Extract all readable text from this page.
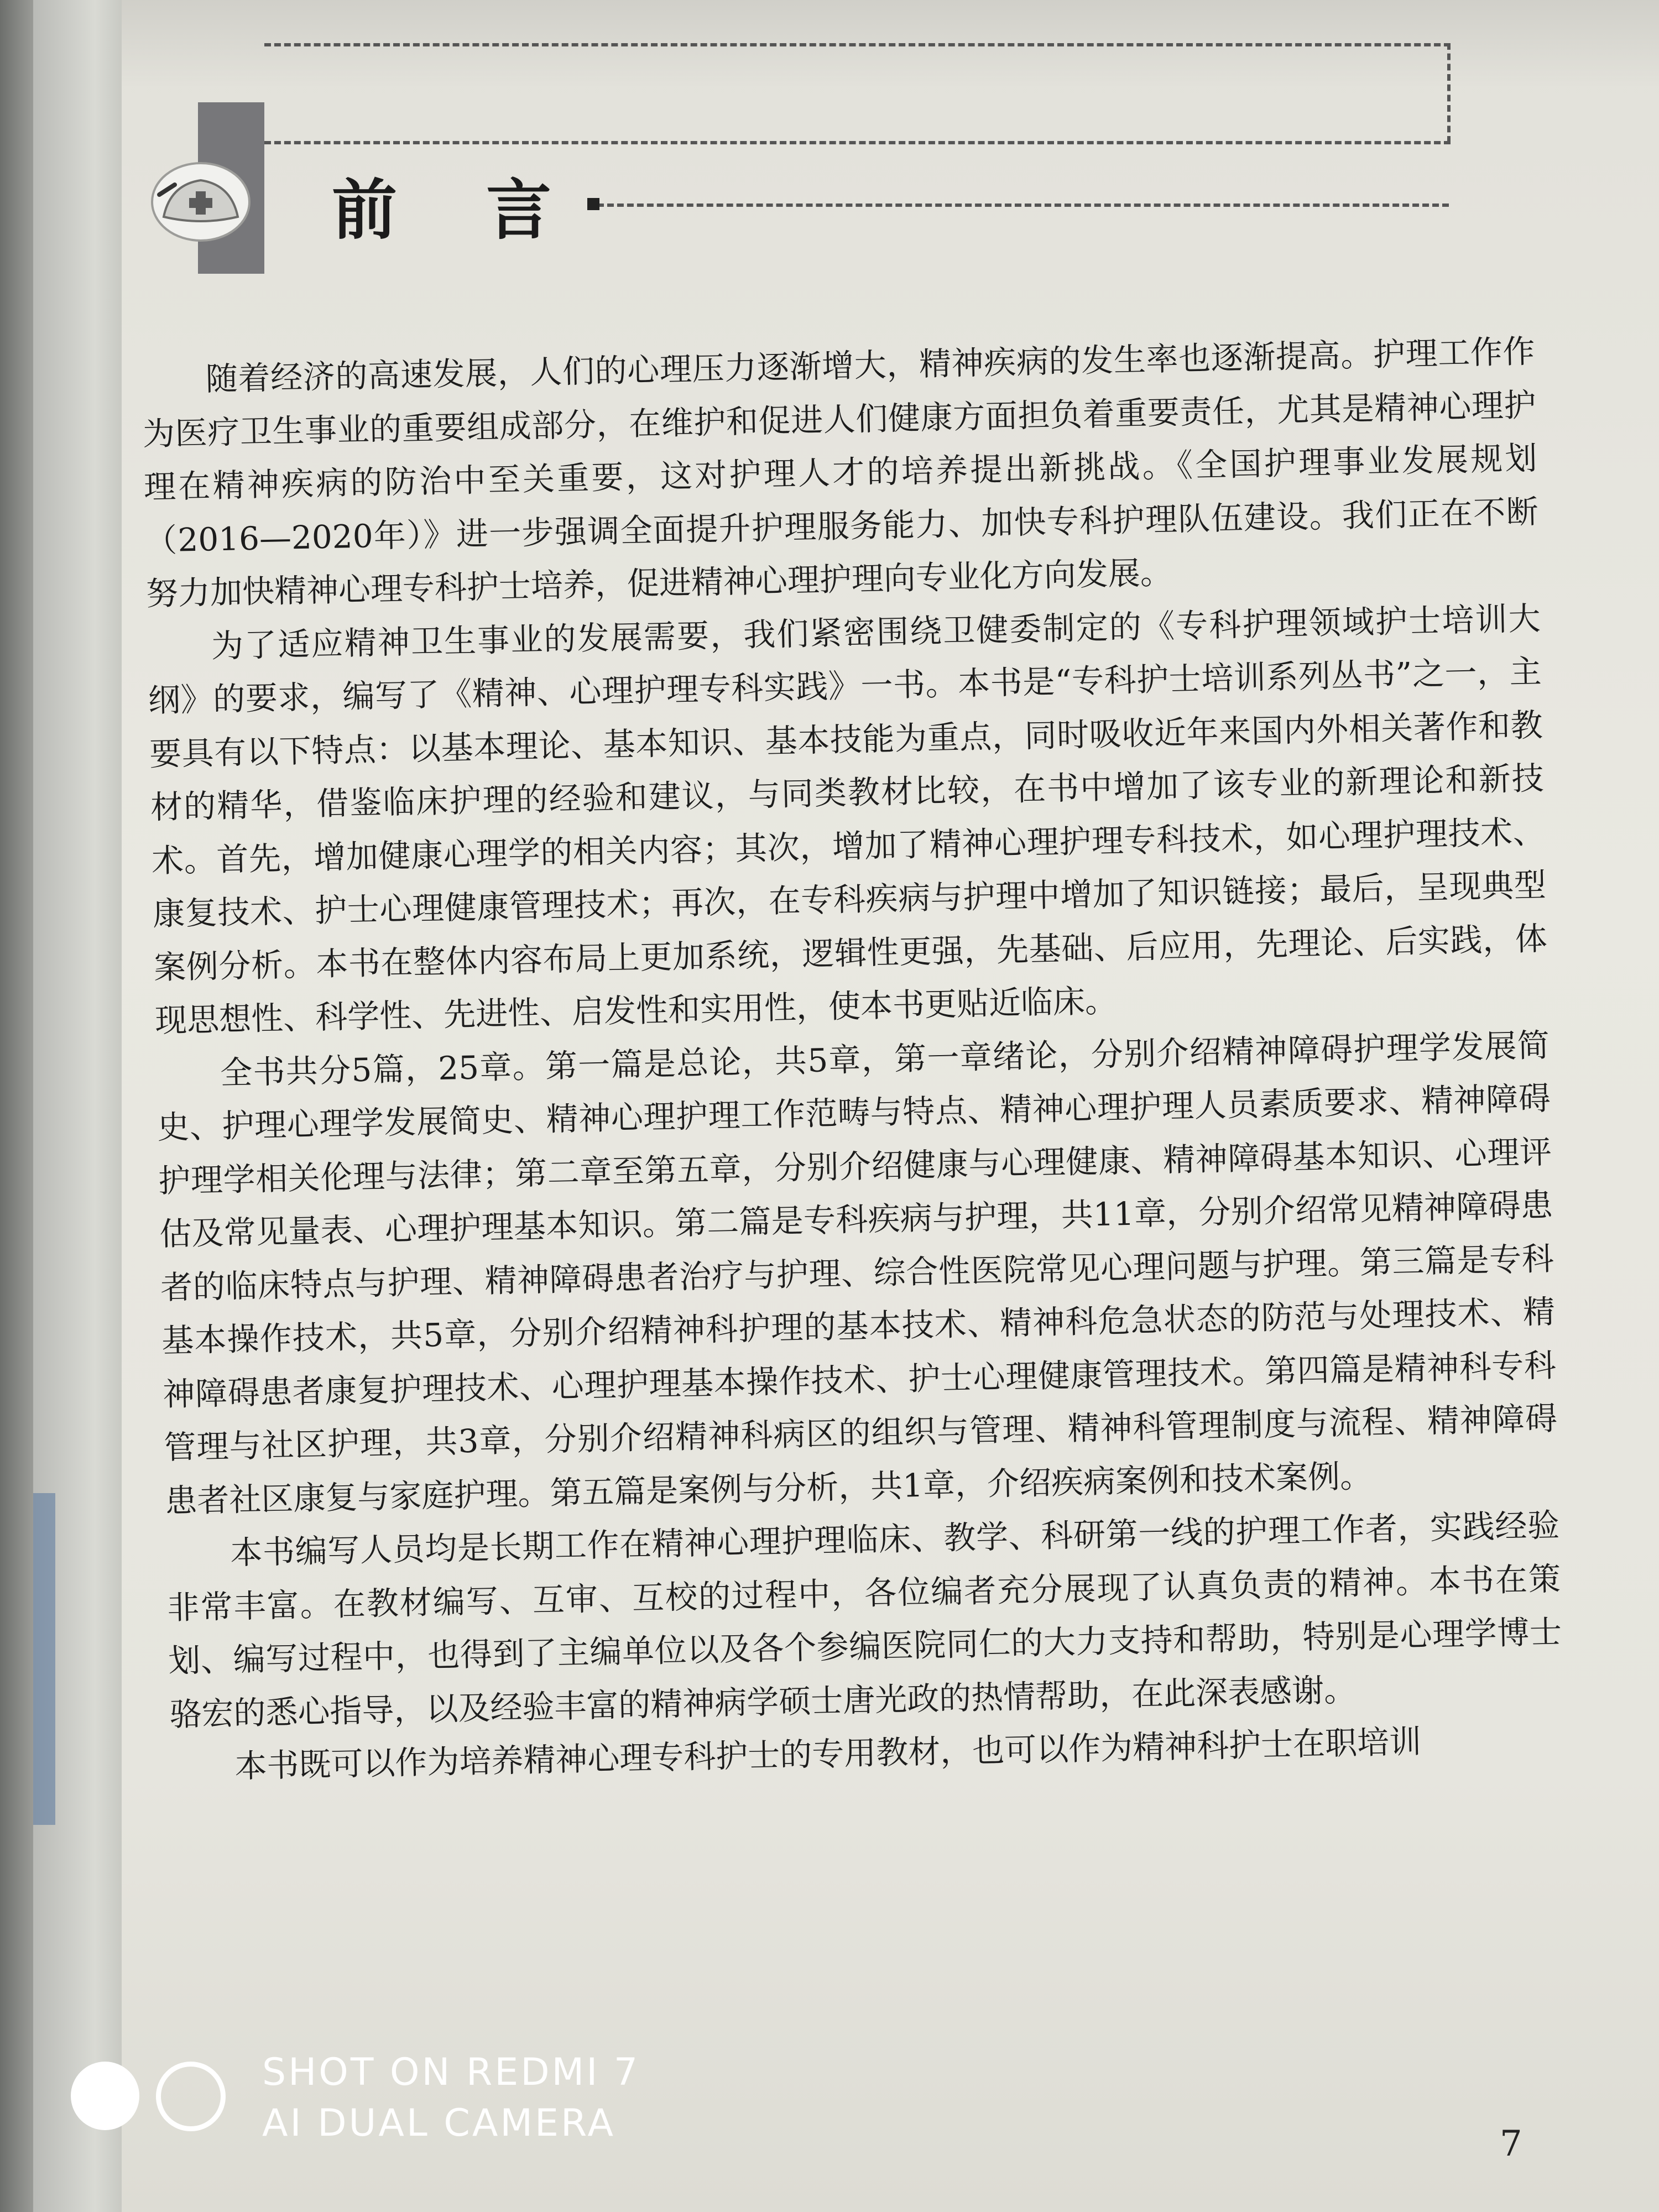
前 言

随着经济的高速发展，人们的心理压力逐渐增大，精神疾病的发生率也逐渐提高。护理工作作为医疗卫生事业的重要组成部分，在维护和促进人们健康方面担负着重要责任，尤其是精神心理护理在精神疾病的防治中至关重要，这对护理人才的培养提出新挑战。《全国护理事业发展规划（2016—2020年）》进一步强调全面提升护理服务能力、加快专科护理队伍建设。我们正在不断努力加快精神心理专科护士培养，促进精神心理护理向专业化方向发展。

为了适应精神卫生事业的发展需要，我们紧密围绕卫健委制定的《专科护理领域护士培训大纲》的要求，编写了《精神、心理护理专科实践》一书。本书是“专科护士培训系列丛书”之一，主要具有以下特点：以基本理论、基本知识、基本技能为重点，同时吸收近年来国内外相关著作和教材的精华，借鉴临床护理的经验和建议，与同类教材比较，在书中增加了该专业的新理论和新技术。首先，增加健康心理学的相关内容；其次，增加了精神心理护理专科技术，如心理护理技术、康复技术、护士心理健康管理技术；再次，在专科疾病与护理中增加了知识链接；最后，呈现典型案例分析。本书在整体内容布局上更加系统，逻辑性更强，先基础、后应用，先理论、后实践，体现思想性、科学性、先进性、启发性和实用性，使本书更贴近临床。

全书共分5篇，25章。第一篇是总论，共5章，第一章绪论，分别介绍精神障碍护理学发展简史、护理心理学发展简史、精神心理护理工作范畴与特点、精神心理护理人员素质要求、精神障碍护理学相关伦理与法律；第二章至第五章，分别介绍健康与心理健康、精神障碍基本知识、心理评估及常见量表、心理护理基本知识。第二篇是专科疾病与护理，共11章，分别介绍常见精神障碍患者的临床特点与护理、精神障碍患者治疗与护理、综合性医院常见心理问题与护理。第三篇是专科基本操作技术，共5章，分别介绍精神科护理的基本技术、精神科危急状态的防范与处理技术、精神障碍患者康复护理技术、心理护理基本操作技术、护士心理健康管理技术。第四篇是精神科专科管理与社区护理，共3章，分别介绍精神科病区的组织与管理、精神科管理制度与流程、精神障碍患者社区康复与家庭护理。第五篇是案例与分析，共1章，介绍疾病案例和技术案例。

本书编写人员均是长期工作在精神心理护理临床、教学、科研第一线的护理工作者，实践经验非常丰富。在教材编写、互审、互校的过程中，各位编者充分展现了认真负责的精神。本书在策划、编写过程中，也得到了主编单位以及各个参编医院同仁的大力支持和帮助，特别是心理学博士骆宏的悉心指导，以及经验丰富的精神病学硕士唐光政的热情帮助，在此深表感谢。

本书既可以作为培养精神心理专科护士的专用教材，也可以作为精神科护士在职培训

7
SHOT ON REDMI 7
AI DUAL CAMERA
